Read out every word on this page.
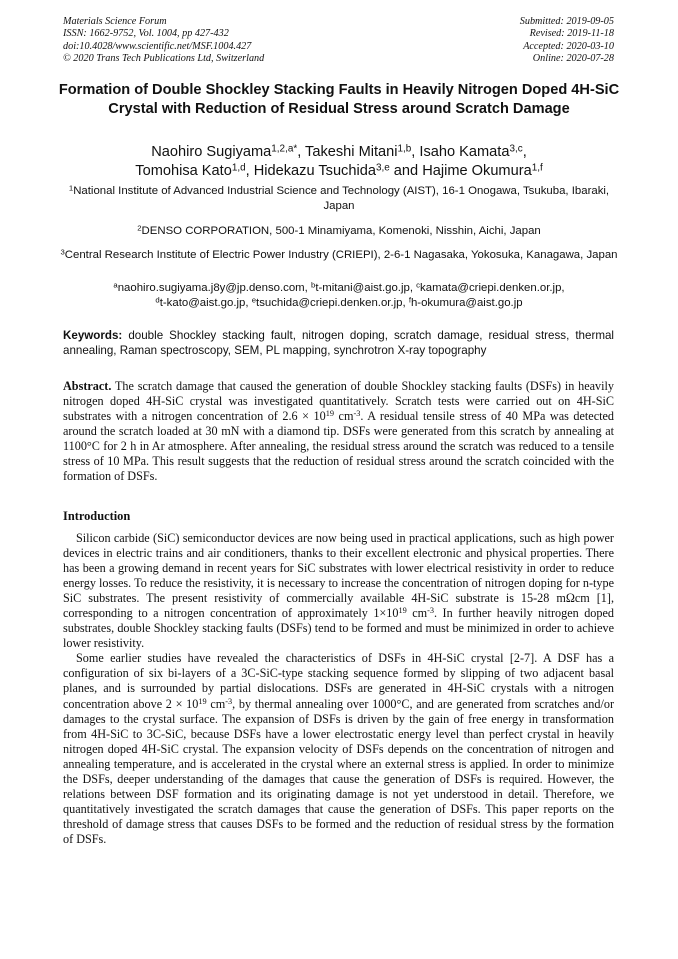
Materials Science Forum
ISSN: 1662-9752, Vol. 1004, pp 427-432
doi:10.4028/www.scientific.net/MSF.1004.427
© 2020 Trans Tech Publications Ltd, Switzerland
Submitted: 2019-09-05
Revised: 2019-11-18
Accepted: 2020-03-10
Online: 2020-07-28
Formation of Double Shockley Stacking Faults in Heavily Nitrogen Doped 4H-SiC Crystal with Reduction of Residual Stress around Scratch Damage
Naohiro Sugiyama$^{1,2,a*}$, Takeshi Mitani$^{1,b}$, Isaho Kamata$^{3,c}$,
Tomohisa Kato$^{1,d}$, Hidekazu Tsuchida$^{3,e}$ and Hajime Okumura$^{1,f}$
$^1$National Institute of Advanced Industrial Science and Technology (AIST), 16-1 Onogawa, Tsukuba, Ibaraki, Japan
$^2$DENSO CORPORATION, 500-1 Minamiyama, Komenoki, Nisshin, Aichi, Japan
$^3$Central Research Institute of Electric Power Industry (CRIEPI), 2-6-1 Nagasaka, Yokosuka, Kanagawa, Japan
$^a$naohiro.sugiyama.j8y@jp.denso.com, $^b$t-mitani@aist.go.jp, $^c$kamata@criepi.denken.or.jp,
$^d$t-kato@aist.go.jp, $^e$tsuchida@criepi.denken.or.jp, $^f$h-okumura@aist.go.jp
Keywords: double Shockley stacking fault, nitrogen doping, scratch damage, residual stress, thermal annealing, Raman spectroscopy, SEM, PL mapping, synchrotron X-ray topography
Abstract. The scratch damage that caused the generation of double Shockley stacking faults (DSFs) in heavily nitrogen doped 4H-SiC crystal was investigated quantitatively. Scratch tests were carried out on 4H-SiC substrates with a nitrogen concentration of $2.6 \times 10^{19}$ $cm^{-3}$. A residual tensile stress of 40 MPa was detected around the scratch loaded at 30 mN with a diamond tip. DSFs were generated from this scratch by annealing at 1100°C for 2 h in Ar atmosphere. After annealing, the residual stress around the scratch was reduced to a tensile stress of 10 MPa. This result suggests that the reduction of residual stress around the scratch coincided with the formation of DSFs.
Introduction

Silicon carbide (SiC) semiconductor devices are now being used in practical applications, such as high power devices in electric trains and air conditioners, thanks to their excellent electronic and physical properties. There has been a growing demand in recent years for SiC substrates with lower electrical resistivity in order to reduce energy losses. To reduce the resistivity, it is necessary to increase the concentration of nitrogen doping for n-type SiC substrates. The present resistivity of commercially available 4H-SiC substrate is 15-28 mΩcm [1], corresponding to a nitrogen concentration of approximately $1\times 10^{19}$ $cm^{-3}$. In further heavily nitrogen doped substrates, double Shockley stacking faults (DSFs) tend to be formed and must be minimized in order to achieve lower resistivity.

Some earlier studies have revealed the characteristics of DSFs in 4H-SiC crystal [2-7]. A DSF has a configuration of six bi-layers of a 3C-SiC-type stacking sequence formed by slipping of two adjacent basal planes, and is surrounded by partial dislocations. DSFs are generated in 4H-SiC crystals with a nitrogen concentration above $2 \times 10^{19}$ $cm^{-3}$, by thermal annealing over 1000°C, and are generated from scratches and/or damages to the crystal surface. The expansion of DSFs is driven by the gain of free energy in transformation from 4H-SiC to 3C-SiC, because DSFs have a lower electrostatic energy level than perfect crystal in heavily nitrogen doped 4H-SiC crystal. The expansion velocity of DSFs depends on the concentration of nitrogen and annealing temperature, and is accelerated in the crystal where an external stress is applied. In order to minimize the DSFs, deeper understanding of the damages that cause the generation of DSFs is required. However, the relations between DSF formation and its originating damage is not yet understood in detail. Therefore, we quantitatively investigated the scratch damages that cause the generation of DSFs. This paper reports on the threshold of damage stress that causes DSFs to be formed and the reduction of residual stress by the formation of DSFs.
